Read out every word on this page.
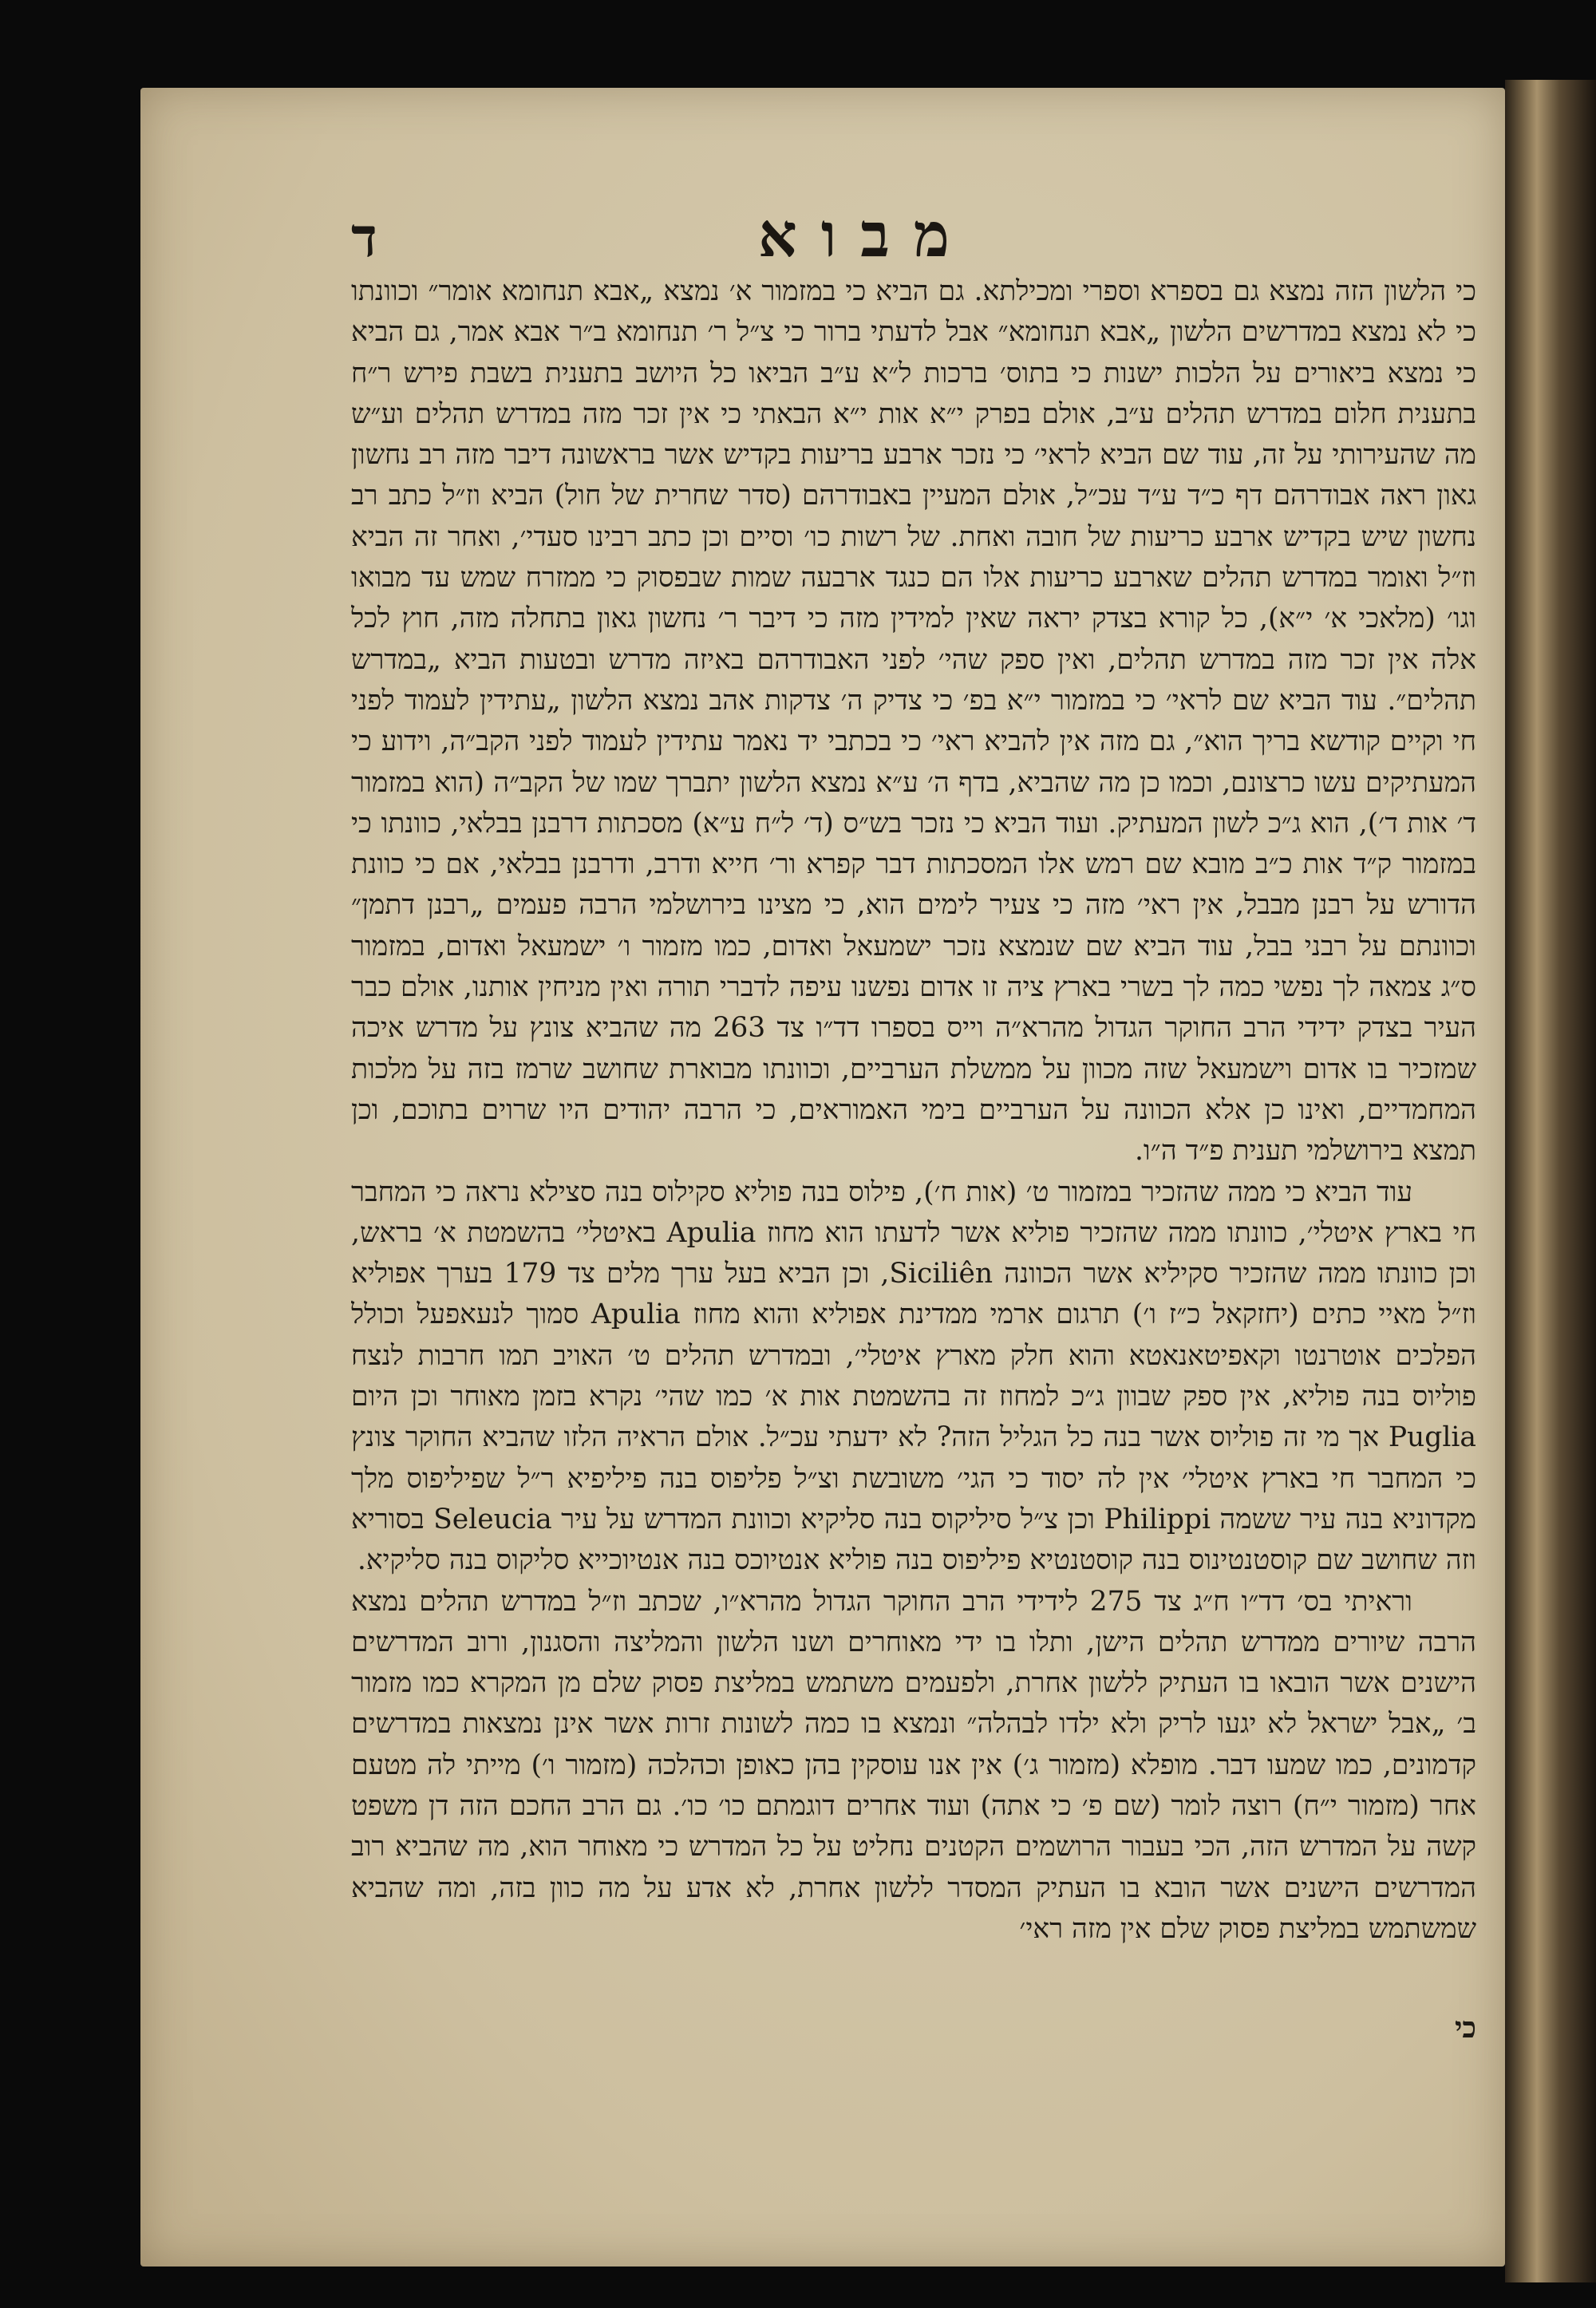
מבוא
ד

כי הלשון הזה נמצא גם בספרא וספרי ומכילתא. גם הביא כי במזמור א׳ נמצא „אבא תנחומא אומר״ וכוונתו כי לא נמצא במדרשים הלשון „אבא תנחומא״ אבל לדעתי ברור כי צ״ל ר׳ תנחומא ב״ר אבא אמר, גם הביא כי נמצא ביאורים על הלכות ישנות כי בתוס׳ ברכות ל״א ע״ב הביאו כל היושב בתענית בשבת פירש ר״ח בתענית חלום במדרש תהלים ע״ב, אולם בפרק י״א אות י״א הבאתי כי אין זכר מזה במדרש תהלים וע״ש מה שהעירותי על זה, עוד שם הביא לראי׳ כי נזכר ארבע בריעות בקדיש אשר בראשונה דיבר מזה רב נחשון גאון ראה אבודרהם דף כ״ד ע״ד עכ״ל, אולם המעיין באבודרהם (סדר שחרית של חול) הביא וז״ל כתב רב נחשון שיש בקדיש ארבע כריעות של חובה ואחת. של רשות כו׳ וסיים וכן כתב רבינו סעדי׳, ואחר זה הביא וז״ל ואומר במדרש תהלים שארבע כריעות אלו הם כנגד ארבעה שמות שבפסוק כי ממזרח שמש עד מבואו וגו׳ (מלאכי א׳ י״א), כל קורא בצדק יראה שאין למידין מזה כי דיבר ר׳ נחשון גאון בתחלה מזה, חוץ לכל אלה אין זכר מזה במדרש תהלים, ואין ספק שהי׳ לפני האבודרהם באיזה מדרש ובטעות הביא „במדרש תהלים״. עוד הביא שם לראי׳ כי במזמור י״א בפ׳ כי צדיק ה׳ צדקות אהב נמצא הלשון „עתידין לעמוד לפני חי וקיים קודשא בריך הוא״, גם מזה אין להביא ראי׳ כי בכתבי יד נאמר עתידין לעמוד לפני הקב״ה, וידוע כי המעתיקים עשו כרצונם, וכמו כן מה שהביא, בדף ה׳ ע״א נמצא הלשון יתברך שמו של הקב״ה (הוא במזמור ד׳ אות ד׳), הוא ג״כ לשון המעתיק. ועוד הביא כי נזכר בש״ס (ד׳ ל״ח ע״א) מסכתות דרבנן בבלאי, כוונתו כי במזמור ק״ד אות כ״ב מובא שם רמש אלו המסכתות דבר קפרא ור׳ חייא ודרב, ודרבנן בבלאי, אם כי כוונת הדורש על רבנן מבבל, אין ראי׳ מזה כי צעיר לימים הוא, כי מצינו בירושלמי הרבה פעמים „רבנן דתמן״ וכוונתם על רבני בבל, עוד הביא שם שנמצא נזכר ישמעאל ואדום, כמו מזמור ו׳ ישמעאל ואדום, במזמור ס״ג צמאה לך נפשי כמה לך בשרי בארץ ציה זו אדום נפשנו עיפה לדברי תורה ואין מניחין אותנו, אולם כבר העיר בצדק ידידי הרב החוקר הגדול מהרא״ה וייס בספרו דד״ו צד 263 מה שהביא צונץ על מדרש איכה שמזכיר בו אדום וישמעאל שזה מכוון על ממשלת הערביים, וכוונתו מבוארת שחושב שרמז בזה על מלכות המחמדיים, ואינו כן אלא הכוונה על הערביים בימי האמוראים, כי הרבה יהודים היו שרוים בתוכם, וכן תמצא בירושלמי תענית פ״ד ה״ו.

עוד הביא כי ממה שהזכיר במזמור ט׳ (אות ח׳), פילוס בנה פוליא סקילוס בנה סצילא נראה כי המחבר חי בארץ איטלי׳, כוונתו ממה שהזכיר פוליא אשר לדעתו הוא מחוז Apulia באיטלי׳ בהשמטת א׳ בראש, וכן כוונתו ממה שהזכיר סקיליא אשר הכוונה Siciliên, וכן הביא בעל ערך מלים צד 179 בערך אפוליא וז״ל מאיי כתים (יחזקאל כ״ז ו׳) תרגום ארמי ממדינת אפוליא והוא מחוז Apulia סמוך לנעאפעל וכולל הפלכים אוטרנטו וקאפיטאנאטא והוא חלק מארץ איטלי׳, ובמדרש תהלים ט׳ האויב תמו חרבות לנצח פוליוס בנה פוליא, אין ספק שבוון ג״כ למחוז זה בהשמטת אות א׳ כמו שהי׳ נקרא בזמן מאוחר וכן היום Puglia אך מי זה פוליוס אשר בנה כל הגליל הזה? לא ידעתי עכ״ל. אולם הראיה הלזו שהביא החוקר צונץ כי המחבר חי בארץ איטלי׳ אין לה יסוד כי הגי׳ משובשת וצ״ל פליפוס בנה פיליפיא ר״ל שפיליפוס מלך מקדוניא בנה עיר ששמה Philippi וכן צ״ל סיליקוס בנה סליקיא וכוונת המדרש על עיר Seleucia בסוריא וזה שחושב שם קוסטנטינוס בנה קוסטנטיא פיליפוס בנה פוליא אנטיוכס בנה אנטיוכייא סליקוס בנה סליקיא.

וראיתי בס׳ דד״ו ח״ג צד 275 לידידי הרב החוקר הגדול מהרא״ו, שכתב וז״ל במדרש תהלים נמצא הרבה שיורים ממדרש תהלים הישן, ותלו בו ידי מאוחרים ושנו הלשון והמליצה והסגנון, ורוב המדרשים הישנים אשר הובאו בו העתיק ללשון אחרת, ולפעמים משתמש במליצת פסוק שלם מן המקרא כמו מזמור ב׳ „אבל ישראל לא יגעו לריק ולא ילדו לבהלה״ ונמצא בו כמה לשונות זרות אשר אינן נמצאות במדרשים קדמונים, כמו שמעו דבר. מופלא (מזמור ג׳) אין אנו עוסקין בהן כאופן וכהלכה (מזמור ו׳) מייתי לה מטעם אחר (מזמור י״ח) רוצה לומר (שם פ׳ כי אתה) ועוד אחרים דוגמתם כו׳ כו׳. גם הרב החכם הזה דן משפט קשה על המדרש הזה, הכי בעבור הרושמים הקטנים נחליט על כל המדרש כי מאוחר הוא, מה שהביא רוב המדרשים הישנים אשר הובא בו העתיק המסדר ללשון אחרת, לא אדע על מה כוון בזה, ומה שהביא שמשתמש במליצת פסוק שלם אין מזה ראי׳

כי
